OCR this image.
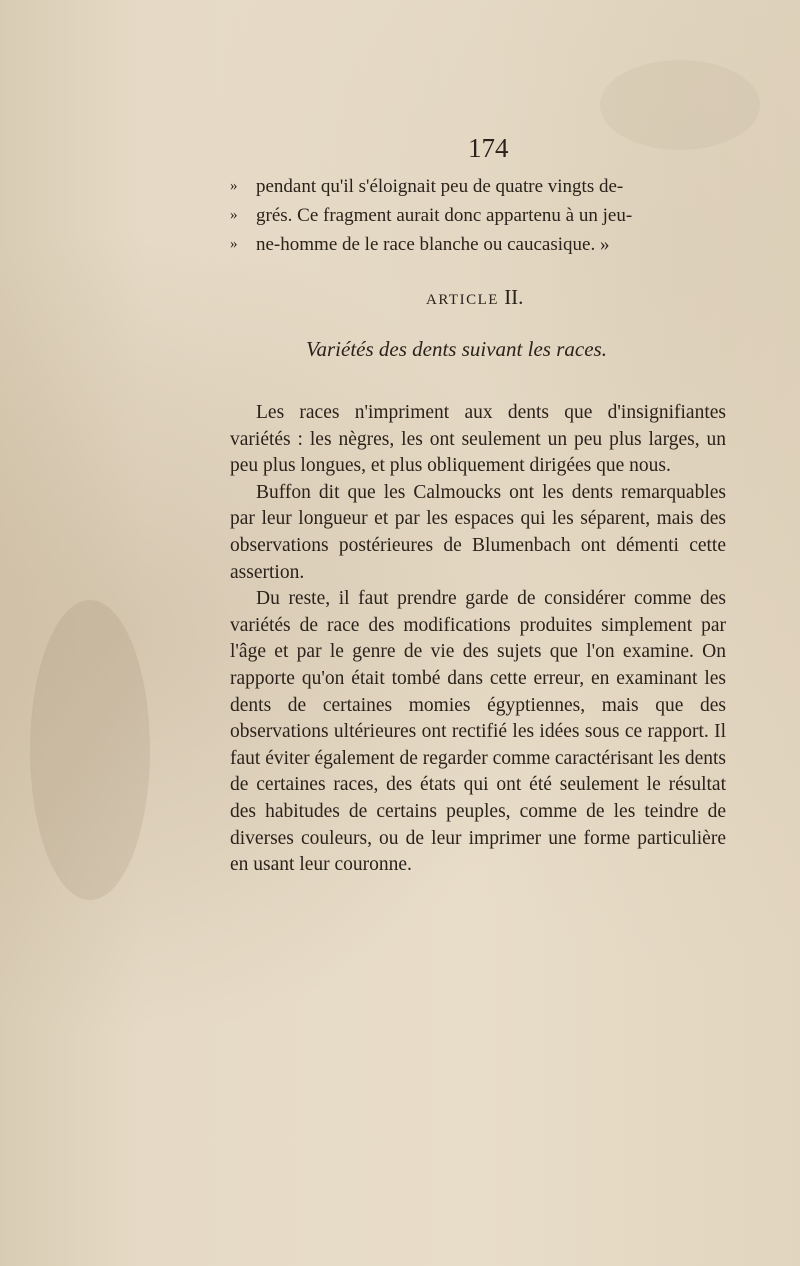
174
» pendant qu'il s'éloignait peu de quatre vingts de-
» grés. Ce fragment aurait donc appartenu à un jeu-
» ne-homme de le race blanche ou caucasique. »
ARTICLE II.
Variétés des dents suivant les races.

Les races n'impriment aux dents que d'insignifiantes variétés : les nègres, les ont seulement un peu plus larges, un peu plus longues, et plus obliquement dirigées que nous.

Buffon dit que les Calmoucks ont les dents remarquables par leur longueur et par les espaces qui les séparent, mais des observations postérieures de Blumenbach ont démenti cette assertion.

Du reste, il faut prendre garde de considérer comme des variétés de race des modifications produites simplement par l'âge et par le genre de vie des sujets que l'on examine. On rapporte qu'on était tombé dans cette erreur, en examinant les dents de certaines momies égyptiennes, mais que des observations ultérieures ont rectifié les idées sous ce rapport. Il faut éviter également de regarder comme caractérisant les dents de certaines races, des états qui ont été seulement le résultat des habitudes de certains peuples, comme de les teindre de diverses couleurs, ou de leur imprimer une forme particulière en usant leur couronne.
